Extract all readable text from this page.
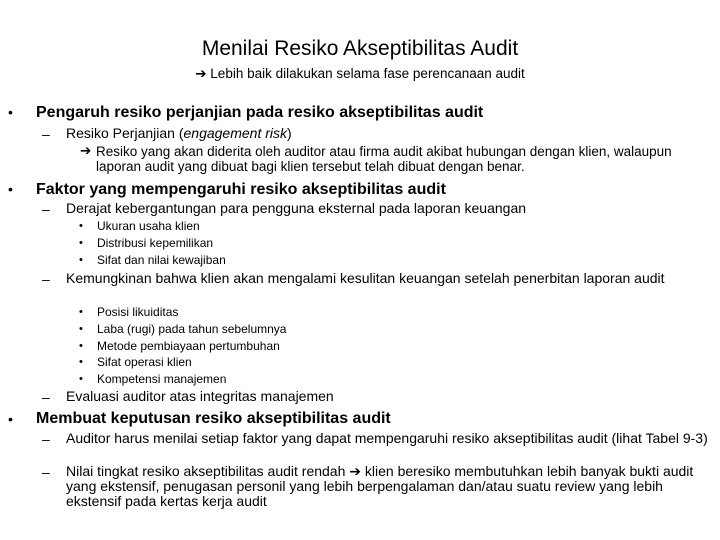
Menilai Resiko Akseptibilitas Audit
➔ Lebih baik dilakukan selama fase perencanaan audit
• Pengaruh resiko perjanjian pada resiko akseptibilitas audit
– Resiko Perjanjian (engagement risk)
➔ Resiko yang akan diderita oleh auditor atau firma audit akibat hubungan dengan klien, walaupun laporan audit yang dibuat bagi klien tersebut telah dibuat dengan benar.
• Faktor yang mempengaruhi resiko akseptibilitas audit
– Derajat kebergantungan para pengguna eksternal pada laporan keuangan
• Ukuran usaha klien
• Distribusi kepemilikan
• Sifat dan nilai kewajiban
– Kemungkinan bahwa klien akan mengalami kesulitan keuangan setelah penerbitan laporan audit
• Posisi likuiditas
• Laba (rugi) pada tahun sebelumnya
• Metode pembiayaan pertumbuhan
• Sifat operasi klien
• Kompetensi manajemen
– Evaluasi auditor atas integritas manajemen
• Membuat keputusan resiko akseptibilitas audit
– Auditor harus menilai setiap faktor yang dapat mempengaruhi resiko akseptibilitas audit (lihat Tabel 9-3)
– Nilai tingkat resiko akseptibilitas audit rendah ➔ klien beresiko membutuhkan lebih banyak bukti audit yang ekstensif, penugasan personil yang lebih berpengalaman dan/atau suatu review yang lebih ekstensif pada kertas kerja audit
